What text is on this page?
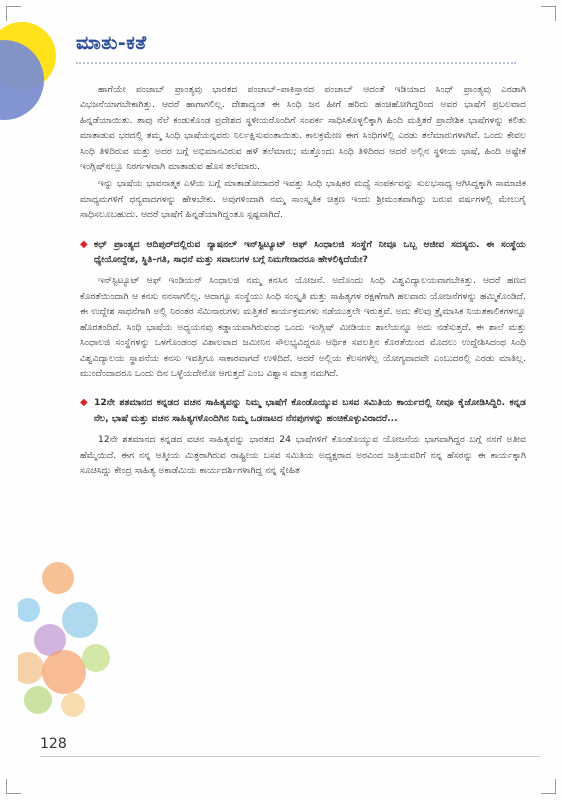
ಮಾತು-ಕತೆ

ಹಾಗೆಯೇ ಪಂಜಾಬ್ ಪ್ರಾಂತ್ಯವು ಭಾರತದ ಪಂಜಾಬ್–ಪಾಕಿಸ್ತಾನದ ಪಂಜಾಬ್ ಆದಂತೆ ಇಡಿಯಾದ ಸಿಂಧ್ ಪ್ರಾಂತ್ಯವು ಎರಡಾಗಿ ವಿಭಜನೆಯಾಗಬೇಕಾಗಿತ್ತು. ಆದರೆ ಹಾಗಾಗಲಿಲ್ಲ. ದೇಶಾದ್ಯಂತ ಈ ಸಿಂಧಿ ಜನ ಹೀಗೆ ಹರಿದು ಹಂಚಿಹೋಗಿದ್ದರಿಂದ ಅವರ ಭಾಷೆಗೆ ಪ್ರಬಲವಾದ ಹಿನ್ನಡೆಯಾಯಿತು. ತಾವು ನೆಲೆ ಕಂಡುಕೊಂಡ ಪ್ರದೇಶದ ಸ್ಥಳೀಯರೊಂದಿಗೆ ಸಂಪರ್ಕ ಸಾಧಿಸಿಕೊಳ್ಳಲಿಕ್ಕಾಗಿ ಹಿಂದಿ ಮತ್ತಿತರೆ ಪ್ರಾದೇಶಿಕ ಭಾಷೆಗಳನ್ನು ಕಲಿತು ಮಾತಾಡುವ ಭರದಲ್ಲಿ ತಮ್ಮ ಸಿಂಧಿ ಭಾಷೆಯನ್ನವರು ನಿರ್ಲಕ್ಷಿಸುವಂತಾಯಿತು. ಕಾಲಕ್ರಮೇಣ ಈಗ ಸಿಂಧಿಗಳಲ್ಲಿ ಎರಡು ತಲೆಮಾರುಗಳಾಗಿವೆ. ಒಂದು ಕೇವಲ ಸಿಂಧಿ ತಿಳಿದಿರುವ ಮತ್ತು ಅದರ ಬಗ್ಗೆ ಅಭಿಮಾನವಿರುವ ಹಳೆ ತಲೆಮಾರು; ಮತ್ತೊಂದು ಸಿಂಧಿ ತಿಳಿದಿರದ ಆದರೆ ಅಲ್ಲಿನ ಸ್ಥಳೀಯ ಭಾಷೆ, ಹಿಂದಿ ಅಷ್ಟೇಕೆ ಇಂಗ್ಲಿಷ್‌ನಲ್ಲೂ ನಿರರ್ಗಳವಾಗಿ ಮಾತಾಡುವ ಹೊಸ ತಲೆಮಾರು.

ಇನ್ನು ಭಾಷೆಯ ಭಾವನಾತ್ಮಕ ಎಳೆಯ ಬಗ್ಗೆ ಮಾತಾಡೋದಾದರೆ ಇವತ್ತು ಸಿಂಧಿ ಭಾಷಿಕರ ಮಧ್ಯೆ ಸಂಪರ್ಕವನ್ನು ಸುಲಭಸಾಧ್ಯ ಆಗಿಸಿದ್ದಕ್ಕಾಗಿ ಸಾಮಾಜಿಕ ಮಾಧ್ಯಮಗಳಿಗೆ ಧನ್ಯವಾದಗಳನ್ನು ಹೇಳಬೇಕು. ಅವುಗಳಿಂದಾಗಿ ನಮ್ಮ ಸಾಂಸ್ಕೃತಿಕ ಚಿತ್ರಣ ಇಂದು ಶ್ರೀಮಂತವಾಗಿದ್ದು ಬರುವ ವರ್ಷಗಳಲ್ಲಿ ಮೇಲುಗೈ ಸಾಧಿಸಲೂಬಹುದು. ಆದರೆ ಭಾಷೆಗೆ ಹಿನ್ನಡೆಯಾಗಿದ್ದಂತೂ ಸ್ಪಷ್ಟವಾಗಿದೆ.

◆ ಕಛ್ ಪ್ರಾಂತ್ಯದ ಆದಿಪುರ್‌ದಲ್ಲಿರುವ ನ್ಯಾಷನಲ್ ಇನ್‌ಸ್ಟಿಟ್ಯೂಟ್ ಆಫ್ ಸಿಂಧಾಲಜಿ ಸಂಸ್ಥೆಗೆ ನೀವೂ ಒಬ್ಬ ಆಜೀವ ಸದಸ್ಯರು. ಈ ಸಂಸ್ಥೆಯ ಧ್ಯೇಯೋದ್ದೇಶ, ಸ್ಥಿತಿ–ಗತಿ, ಸಾಧನೆ ಮತ್ತು ಸವಾಲುಗಳ ಬಗ್ಗೆ ನಿಮಗೇನಾದರೂ ಹೇಳಲಿಕ್ಕಿದೆಯೇ?

ಇನ್‌ಸ್ಟಿಟ್ಯೂಟ್ ಆಫ್ ಇಂಡಿಯನ್ ಸಿಂಧಾಲಜಿ ನಮ್ಮ ಕನಸಿನ ಯೋಜನೆ. ಅದೊಂದು ಸಿಂಧಿ ವಿಶ್ವವಿದ್ಯಾಲಯವಾಗಬೇಕಿತ್ತು. ಆದರೆ ಹಣದ ಕೊರತೆಯಿಂದಾಗಿ ಆ ಕನಸು ನನಸಾಗಲಿಲ್ಲ. ಆದಾಗ್ಯೂ ಸಂಸ್ಥೆಯು ಸಿಂಧಿ ಸಂಸ್ಕೃತಿ ಮತ್ತು ಸಾಹಿತ್ಯಗಳ ರಕ್ಷಣೆಗಾಗಿ ಹಲವಾರು ಯೋಜನೆಗಳನ್ನು ಹಮ್ಮಿಕೊಂಡಿದೆ. ಈ ಉದ್ದೇಶ ಸಾಧನೆಗಾಗಿ ಅಲ್ಲಿ ನಿರಂತರ ಸೆಮಿನಾರುಗಳು ಮತ್ತಿತರೆ ಕಾರ್ಯಕ್ರಮಗಳು ನಡೆಯುತ್ತಲೇ ಇರುತ್ತವೆ. ಅದು ಕೆಲವು ತ್ರೈಮಾಸಿಕ ನಿಯತಕಾಲಿಕಗಳನ್ನೂ ಹೊರತಂದಿದೆ. ಸಿಂಧಿ ಭಾಷೆಯ ಅಧ್ಯಯನವು ಕಡ್ಡಾಯವಾಗಿರುವಂಥ ಒಂದು ಇಂಗ್ಲಿಷ್ ಮೀಡಿಯಂ ಶಾಲೆಯನ್ನೂ ಅದು ನಡೆಸುತ್ತದೆ. ಈ ಶಾಲೆ ಮತ್ತು ಸಿಂಧಾಲಜಿ ಸಂಸ್ಥೆಗಳನ್ನು ಒಳಗೊಂಡಂಥ ವಿಶಾಲವಾದ ಜಮೀನಿನ ಸೌಲಭ್ಯವಿದ್ದರೂ ಆರ್ಥಿಕ ಸವಲತ್ತಿನ ಕೊರತೆಯಿಂದ ಮೊದಲು ಉದ್ದೇಶಿಸಿದಂಥ ಸಿಂಧಿ ವಿಶ್ವವಿದ್ಯಾಲಯ ಸ್ಥಾಪನೆಯ ಕನಸು ಇವತ್ತಿಗೂ ಸಾಕಾರವಾಗದೆ ಉಳಿದಿದೆ. ಆದರೆ ಅಲ್ಲಿಯ ಕೆಲಸಗಳೆಲ್ಲ ಯೋಗ್ಯವಾದವೇ ಎಂಬುದರಲ್ಲಿ ಎರಡು ಮಾತಿಲ್ಲ. ಮುಂದೆಂದಾದರೂ ಒಂದು ದಿನ ಒಳ್ಳೆಯದೇನೋ ಆಗುತ್ತದೆ ಎಂಬ ವಿಶ್ವಾಸ ಮಾತ್ರ ನಮಗಿದೆ.

◆ 12ನೇ ಶತಮಾನದ ಕನ್ನಡದ ವಚನ ಸಾಹಿತ್ಯವನ್ನು ನಿಮ್ಮ ಭಾಷೆಗೆ ಕೊಂಡೊಯ್ಯುವ ಬಸವ ಸಮಿತಿಯ ಕಾರ್ಯದಲ್ಲಿ ನೀವೂ ಕೈಜೋಡಿಸಿದ್ದಿರಿ. ಕನ್ನಡ ನೆಲ, ಭಾಷೆ ಮತ್ತು ವಚನ ಸಾಹಿತ್ಯಗಳೊಂದಿಗಿನ ನಿಮ್ಮ ಒಡನಾಟದ ನೆನಪುಗಳನ್ನು ಹಂಚಿಕೊಳ್ಳುವಿರಾದರೆ...

12ನೇ ಶತಮಾನದ ಕನ್ನಡದ ವಚನ ಸಾಹಿತ್ಯವನ್ನು ಭಾರತದ 24 ಭಾಷೆಗಳಿಗೆ ಕೊಂಡೊಯ್ಯುವ ಯೋಜನೆಯ ಭಾಗವಾಗಿದ್ದರ ಬಗ್ಗೆ ನನಗೆ ಅತೀವ ಹೆಮ್ಮೆಯಿದೆ. ಈಗ ನನ್ನ ಆತ್ಮೀಯ ಮಿತ್ರರಾಗಿರುವ ರಾಷ್ಟ್ರೀಯ ಬಸವ ಸಮಿತಿಯ ಅಧ್ಯಕ್ಷರಾದ ಅರವಿಂದ ಜತ್ತಿಯವರಿಗೆ ನನ್ನ ಹೆಸರನ್ನು ಈ ಕಾರ್ಯಕ್ಕಾಗಿ ಸೂಚಿಸಿದ್ದು ಕೇಂದ್ರ ಸಾಹಿತ್ಯ ಅಕಾಡೆಮಿಯ ಕಾರ್ಯದರ್ಶಿಗಳಾಗಿದ್ದ ನನ್ನ ಸ್ನೇಹಿತ

128
